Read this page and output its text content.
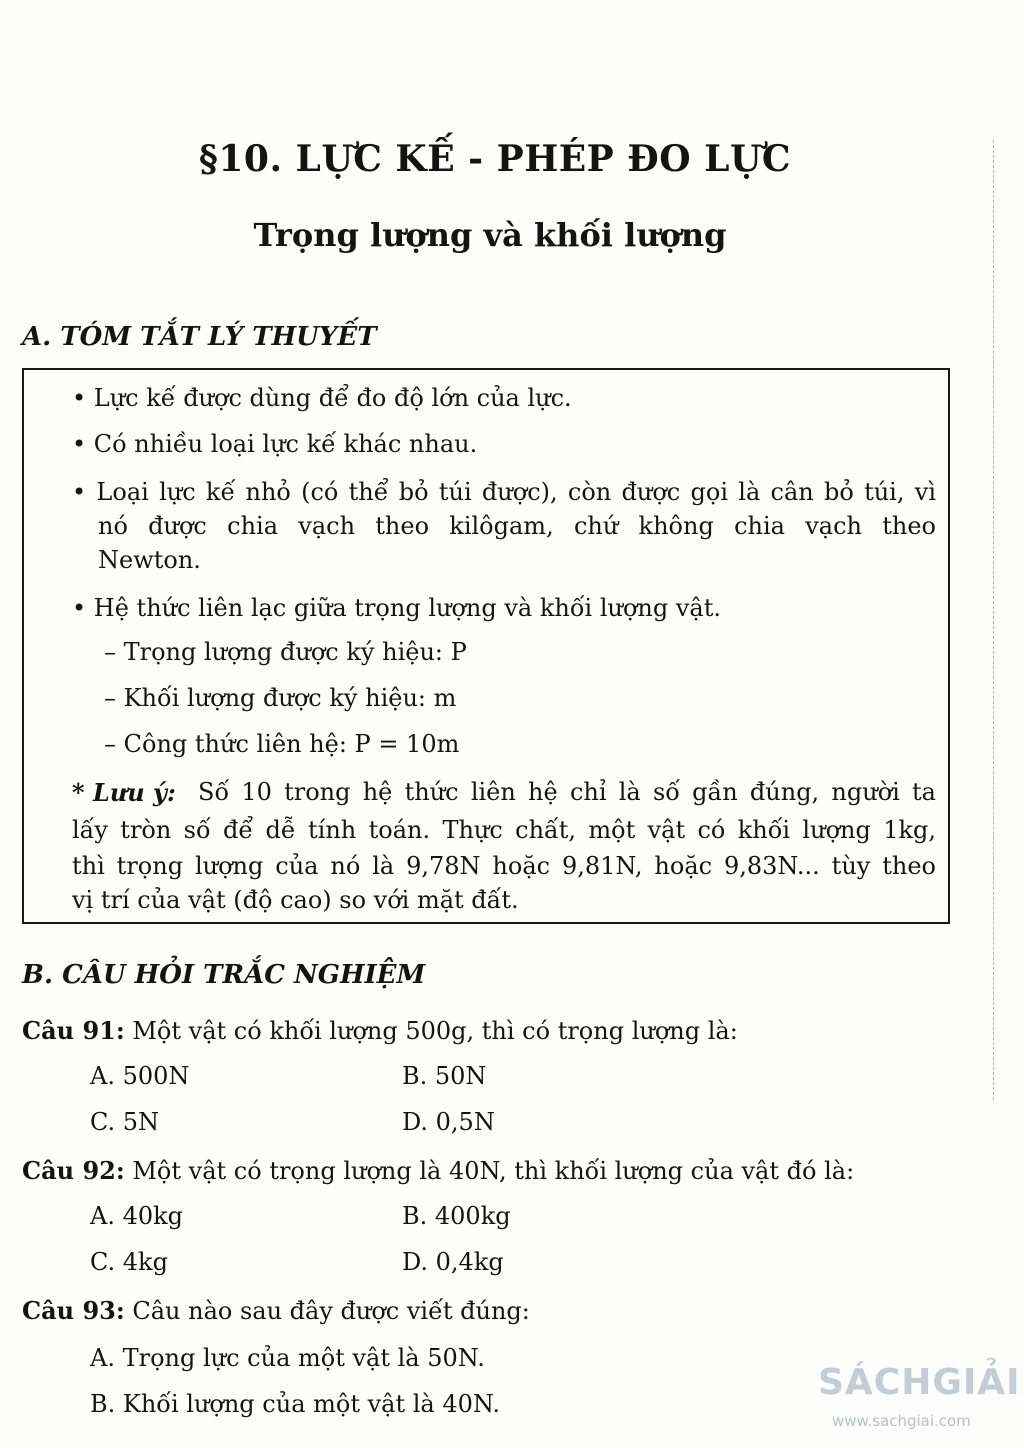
§10. LỰC KẾ - PHÉP ĐO LỰC
Trọng lượng và khối lượng
A. TÓM TẮT LÝ THUYẾT
• Lực kế được dùng để đo độ lớn của lực.
• Có nhiều loại lực kế khác nhau.
• Loại lực kế nhỏ (có thể bỏ túi được), còn được gọi là cân bỏ túi, vì
nó được chia vạch theo kilôgam, chứ không chia vạch theo
Newton.
• Hệ thức liên lạc giữa trọng lượng và khối lượng vật.
– Trọng lượng được ký hiệu: P
– Khối lượng được ký hiệu: m
– Công thức liên hệ: P = 10m
* Lưu ý: Số 10 trong hệ thức liên hệ chỉ là số gần đúng, người ta
lấy tròn số để dễ tính toán. Thực chất, một vật có khối lượng 1kg,
thì trọng lượng của nó là 9,78N hoặc 9,81N, hoặc 9,83N... tùy theo
vị trí của vật (độ cao) so với mặt đất.
B. CÂU HỎI TRẮC NGHIỆM
Câu 91: Một vật có khối lượng 500g, thì có trọng lượng là:
A. 500N	B. 50N
C. 5N	D. 0,5N
Câu 92: Một vật có trọng lượng là 40N, thì khối lượng của vật đó là:
A. 40kg	B. 400kg
C. 4kg	D. 0,4kg
Câu 93: Câu nào sau đây được viết đúng:
A. Trọng lực của một vật là 50N.
B. Khối lượng của một vật là 40N.
SÁCHGIẢI
www.sachgiai.com
